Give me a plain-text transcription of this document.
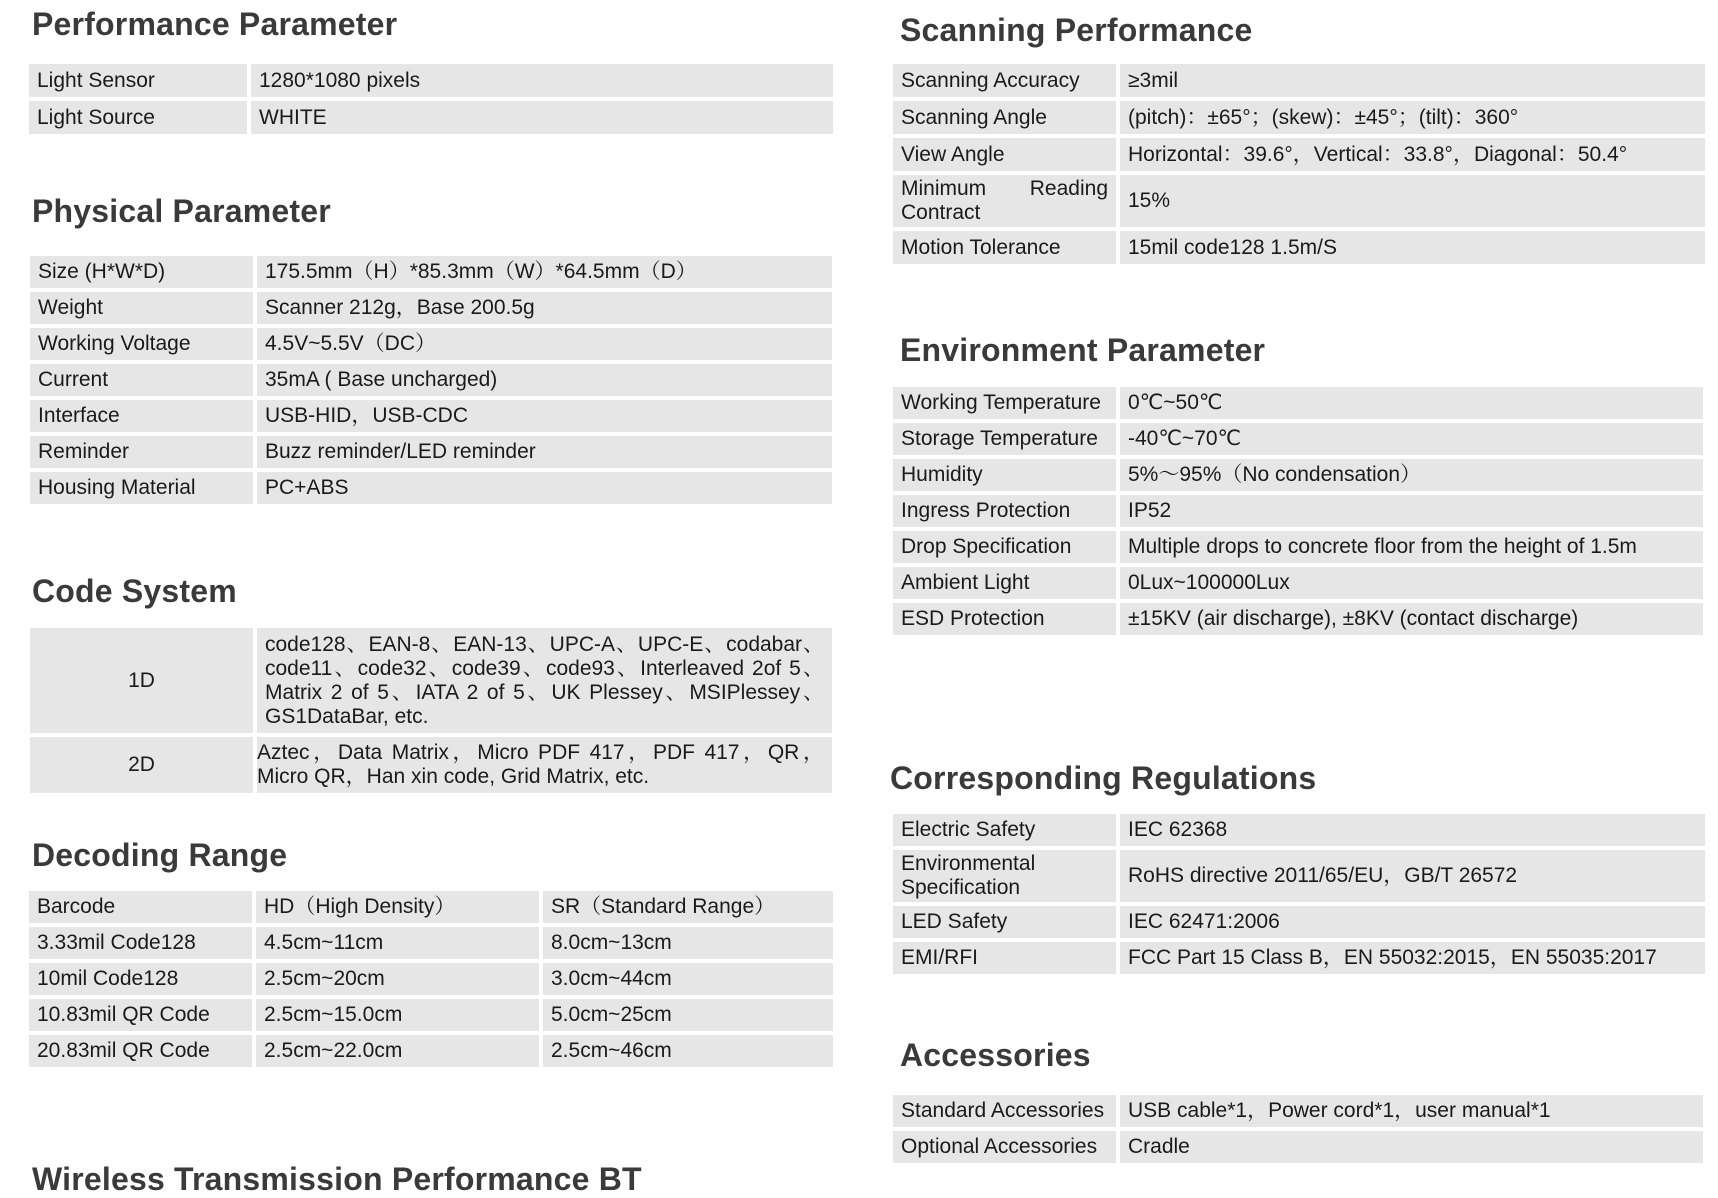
Performance Parameter
Light Sensor	1280*1080 pixels
Light Source	WHITE
Physical Parameter
Size (H*W*D)	175.5mm（H）*85.3mm（W）*64.5mm（D）
Weight	Scanner 212g，Base 200.5g
Working Voltage	4.5V~5.5V（DC）
Current	35mA ( Base uncharged)
Interface	USB-HID，USB-CDC
Reminder	Buzz reminder/LED reminder
Housing Material	PC+ABS
Code System
1D	code128、EAN-8、EAN-13、UPC-A、UPC-E、codabar、code11、code32、code39、code93、Interleaved 2of 5、Matrix 2 of 5、IATA 2 of 5、UK Plessey、MSIPlessey、GS1DataBar, etc.
2D	Aztec，Data Matrix，Micro PDF 417，PDF 417，QR，Micro QR，Han xin code, Grid Matrix, etc.
Decoding Range
Barcode	HD（High Density）	SR（Standard Range）
3.33mil Code128	4.5cm~11cm	8.0cm~13cm
10mil Code128	2.5cm~20cm	3.0cm~44cm
10.83mil QR Code	2.5cm~15.0cm	5.0cm~25cm
20.83mil QR Code	2.5cm~22.0cm	2.5cm~46cm
Wireless Transmission Performance BT
Scanning Performance
Scanning Accuracy	≥3mil
Scanning Angle	(pitch)：±65°；(skew)：±45°；(tilt)：360°
View Angle	Horizontal：39.6°，Vertical：33.8°，Diagonal：50.4°
Minimum Reading Contract	15%
Motion Tolerance	15mil code128 1.5m/S
Environment Parameter
Working Temperature	0℃~50℃
Storage Temperature	-40℃~70℃
Humidity	5%～95%（No condensation）
Ingress Protection	IP52
Drop Specification	Multiple drops to concrete floor from the height of 1.5m
Ambient Light	0Lux~100000Lux
ESD Protection	±15KV (air discharge), ±8KV (contact discharge)
Corresponding Regulations
Electric Safety	IEC 62368
Environmental Specification	RoHS directive 2011/65/EU，GB/T 26572
LED Safety	IEC 62471:2006
EMI/RFI	FCC Part 15 Class B，EN 55032:2015，EN 55035:2017
Accessories
Standard Accessories	USB cable*1，Power cord*1，user manual*1
Optional Accessories	Cradle
